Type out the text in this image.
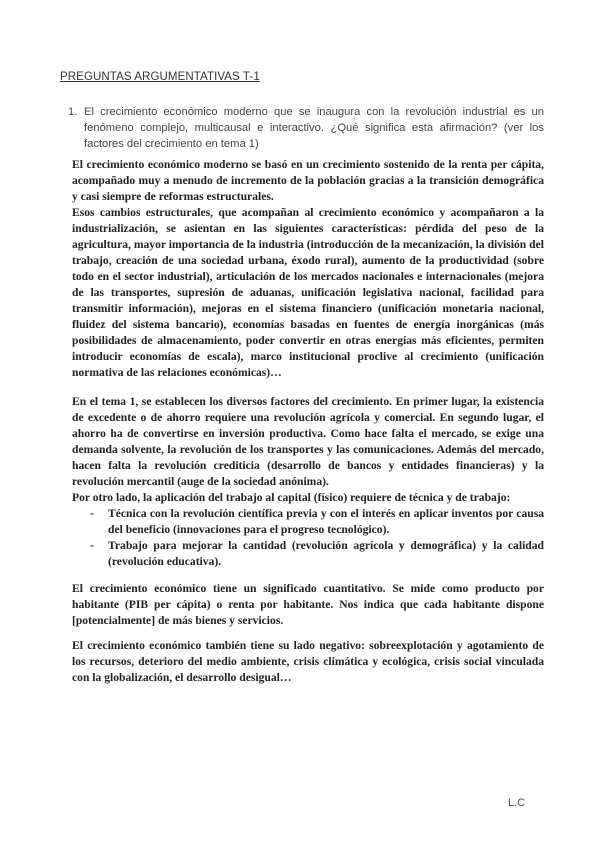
PREGUNTAS ARGUMENTATIVAS T-1
1. El crecimiento económico moderno que se inaugura con la revolución industrial es un fenómeno complejo, multicausal e interactivo. ¿Qué significa esta afirmación? (ver los factores del crecimiento en tema 1)

El crecimiento económico moderno se basó en un crecimiento sostenido de la renta per cápita, acompañado muy a menudo de incremento de la población gracias a la transición demográfica y casi siempre de reformas estructurales.

Esos cambios estructurales, que acompañan al crecimiento económico y acompañaron a la industrialización, se asientan en las siguientes características: pérdida del peso de la agricultura, mayor importancia de la industria (introducción de la mecanización, la división del trabajo, creación de una sociedad urbana, éxodo rural), aumento de la productividad (sobre todo en el sector industrial), articulación de los mercados nacionales e internacionales (mejora de las transportes, supresión de aduanas, unificación legislativa nacional, facilidad para transmitir información), mejoras en el sistema financiero (unificación monetaria nacional, fluidez del sistema bancario), economías basadas en fuentes de energía inorgánicas (más posibilidades de almacenamiento, poder convertir en otras energías más eficientes, permiten introducir economías de escala), marco institucional proclive al crecimiento (unificación normativa de las relaciones económicas)…

En el tema 1, se establecen los diversos factores del crecimiento. En primer lugar, la existencia de excedente o de ahorro requiere una revolución agrícola y comercial. En segundo lugar, el ahorro ha de convertirse en inversión productiva. Como hace falta el mercado, se exige una demanda solvente, la revolución de los transportes y las comunicaciones. Además del mercado, hacen falta la revolución crediticia (desarrollo de bancos y entidades financieras) y la revolución mercantil (auge de la sociedad anónima).

Por otro lado, la aplicación del trabajo al capital (físico) requiere de técnica y de trabajo:

- Técnica con la revolución científica previa y con el interés en aplicar inventos por causa del beneficio (innovaciones para el progreso tecnológico).
- Trabajo para mejorar la cantidad (revolución agrícola y demográfica) y la calidad (revolución educativa).

El crecimiento económico tiene un significado cuantitativo. Se mide como producto por habitante (PIB per cápita) o renta por habitante. Nos indica que cada habitante dispone [potencialmente] de más bienes y servicios.

El crecimiento económico también tiene su lado negativo: sobreexplotación y agotamiento de los recursos, deterioro del medio ambiente, crisis climática y ecológica, crisis social vinculada con la globalización, el desarrollo desigual…

L.C
